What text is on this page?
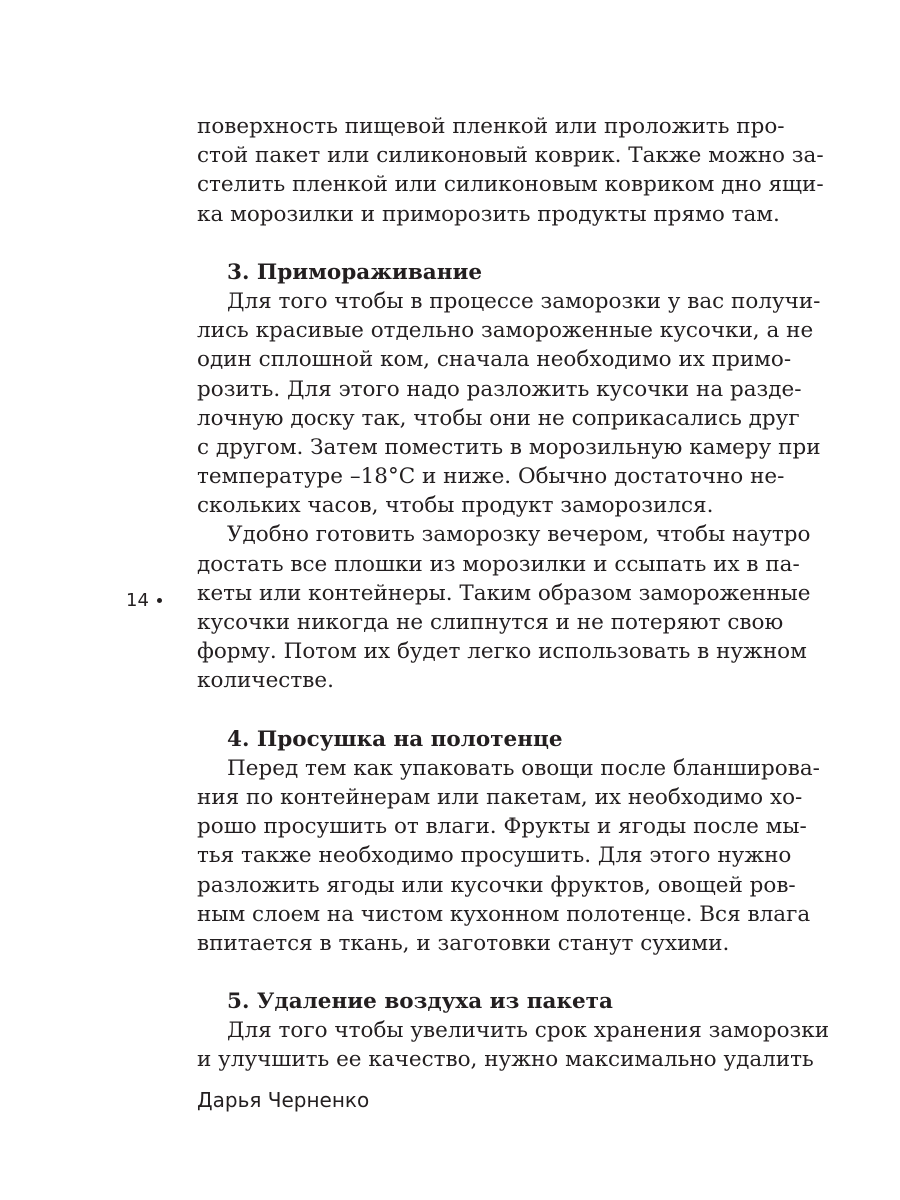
поверхность пищевой пленкой или проложить про-
стой пакет или силиконовый коврик. Также можно за-
стелить пленкой или силиконовым ковриком дно ящи-
ка морозилки и приморозить продукты прямо там.
3. Примораживание
Для того чтобы в процессе заморозки у вас получи-
лись красивые отдельно замороженные кусочки, а не
один сплошной ком, сначала необходимо их примо-
розить. Для этого надо разложить кусочки на разде-
лочную доску так, чтобы они не соприкасались друг
с другом. Затем поместить в морозильную камеру при
температуре –18°С и ниже. Обычно достаточно не-
скольких часов, чтобы продукт заморозился.
Удобно готовить заморозку вечером, чтобы наутро
достать все плошки из морозилки и ссыпать их в па-
кеты или контейнеры. Таким образом замороженные
кусочки никогда не слипнутся и не потеряют свою
форму. Потом их будет легко использовать в нужном
количестве.
4. Просушка на полотенце
Перед тем как упаковать овощи после бланширова-
ния по контейнерам или пакетам, их необходимо хо-
рошо просушить от влаги. Фрукты и ягоды после мы-
тья также необходимо просушить. Для этого нужно
разложить ягоды или кусочки фруктов, овощей ров-
ным слоем на чистом кухонном полотенце. Вся влага
впитается в ткань, и заготовки станут сухими.
5. Удаление воздуха из пакета
Для того чтобы увеличить срок хранения заморозки
и улучшить ее качество, нужно максимально удалить
14
Дарья Черненко
